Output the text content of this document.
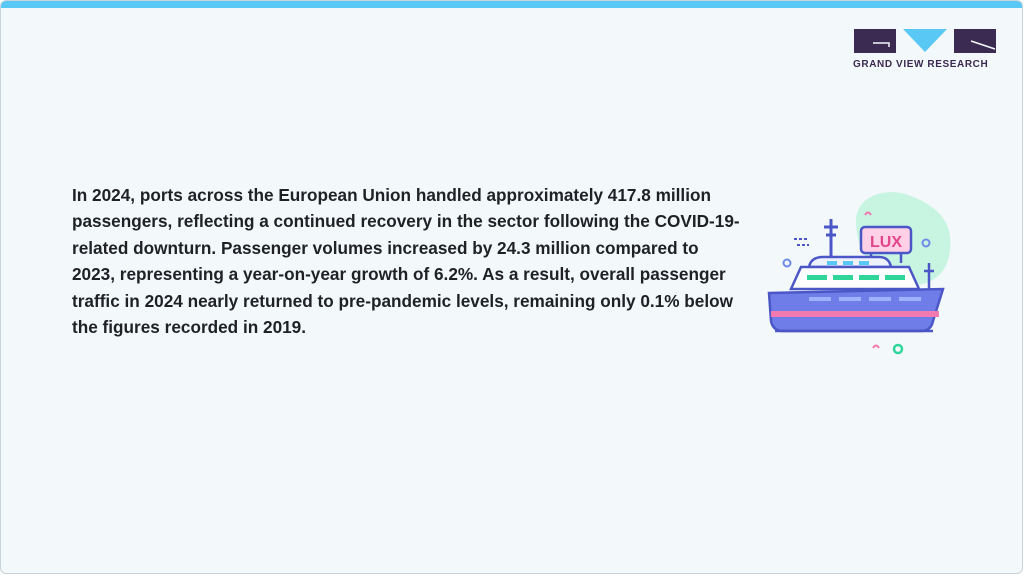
GRAND VIEW RESEARCH

In 2024, ports across the European Union handled approximately 417.8 million passengers, reflecting a continued recovery in the sector following the COVID-19-related downturn. Passenger volumes increased by 24.3 million compared to 2023, representing a year-on-year growth of 6.2%. As a result, overall passenger traffic in 2024 nearly returned to pre-pandemic levels, remaining only 0.1% below the figures recorded in 2019.

LUX
